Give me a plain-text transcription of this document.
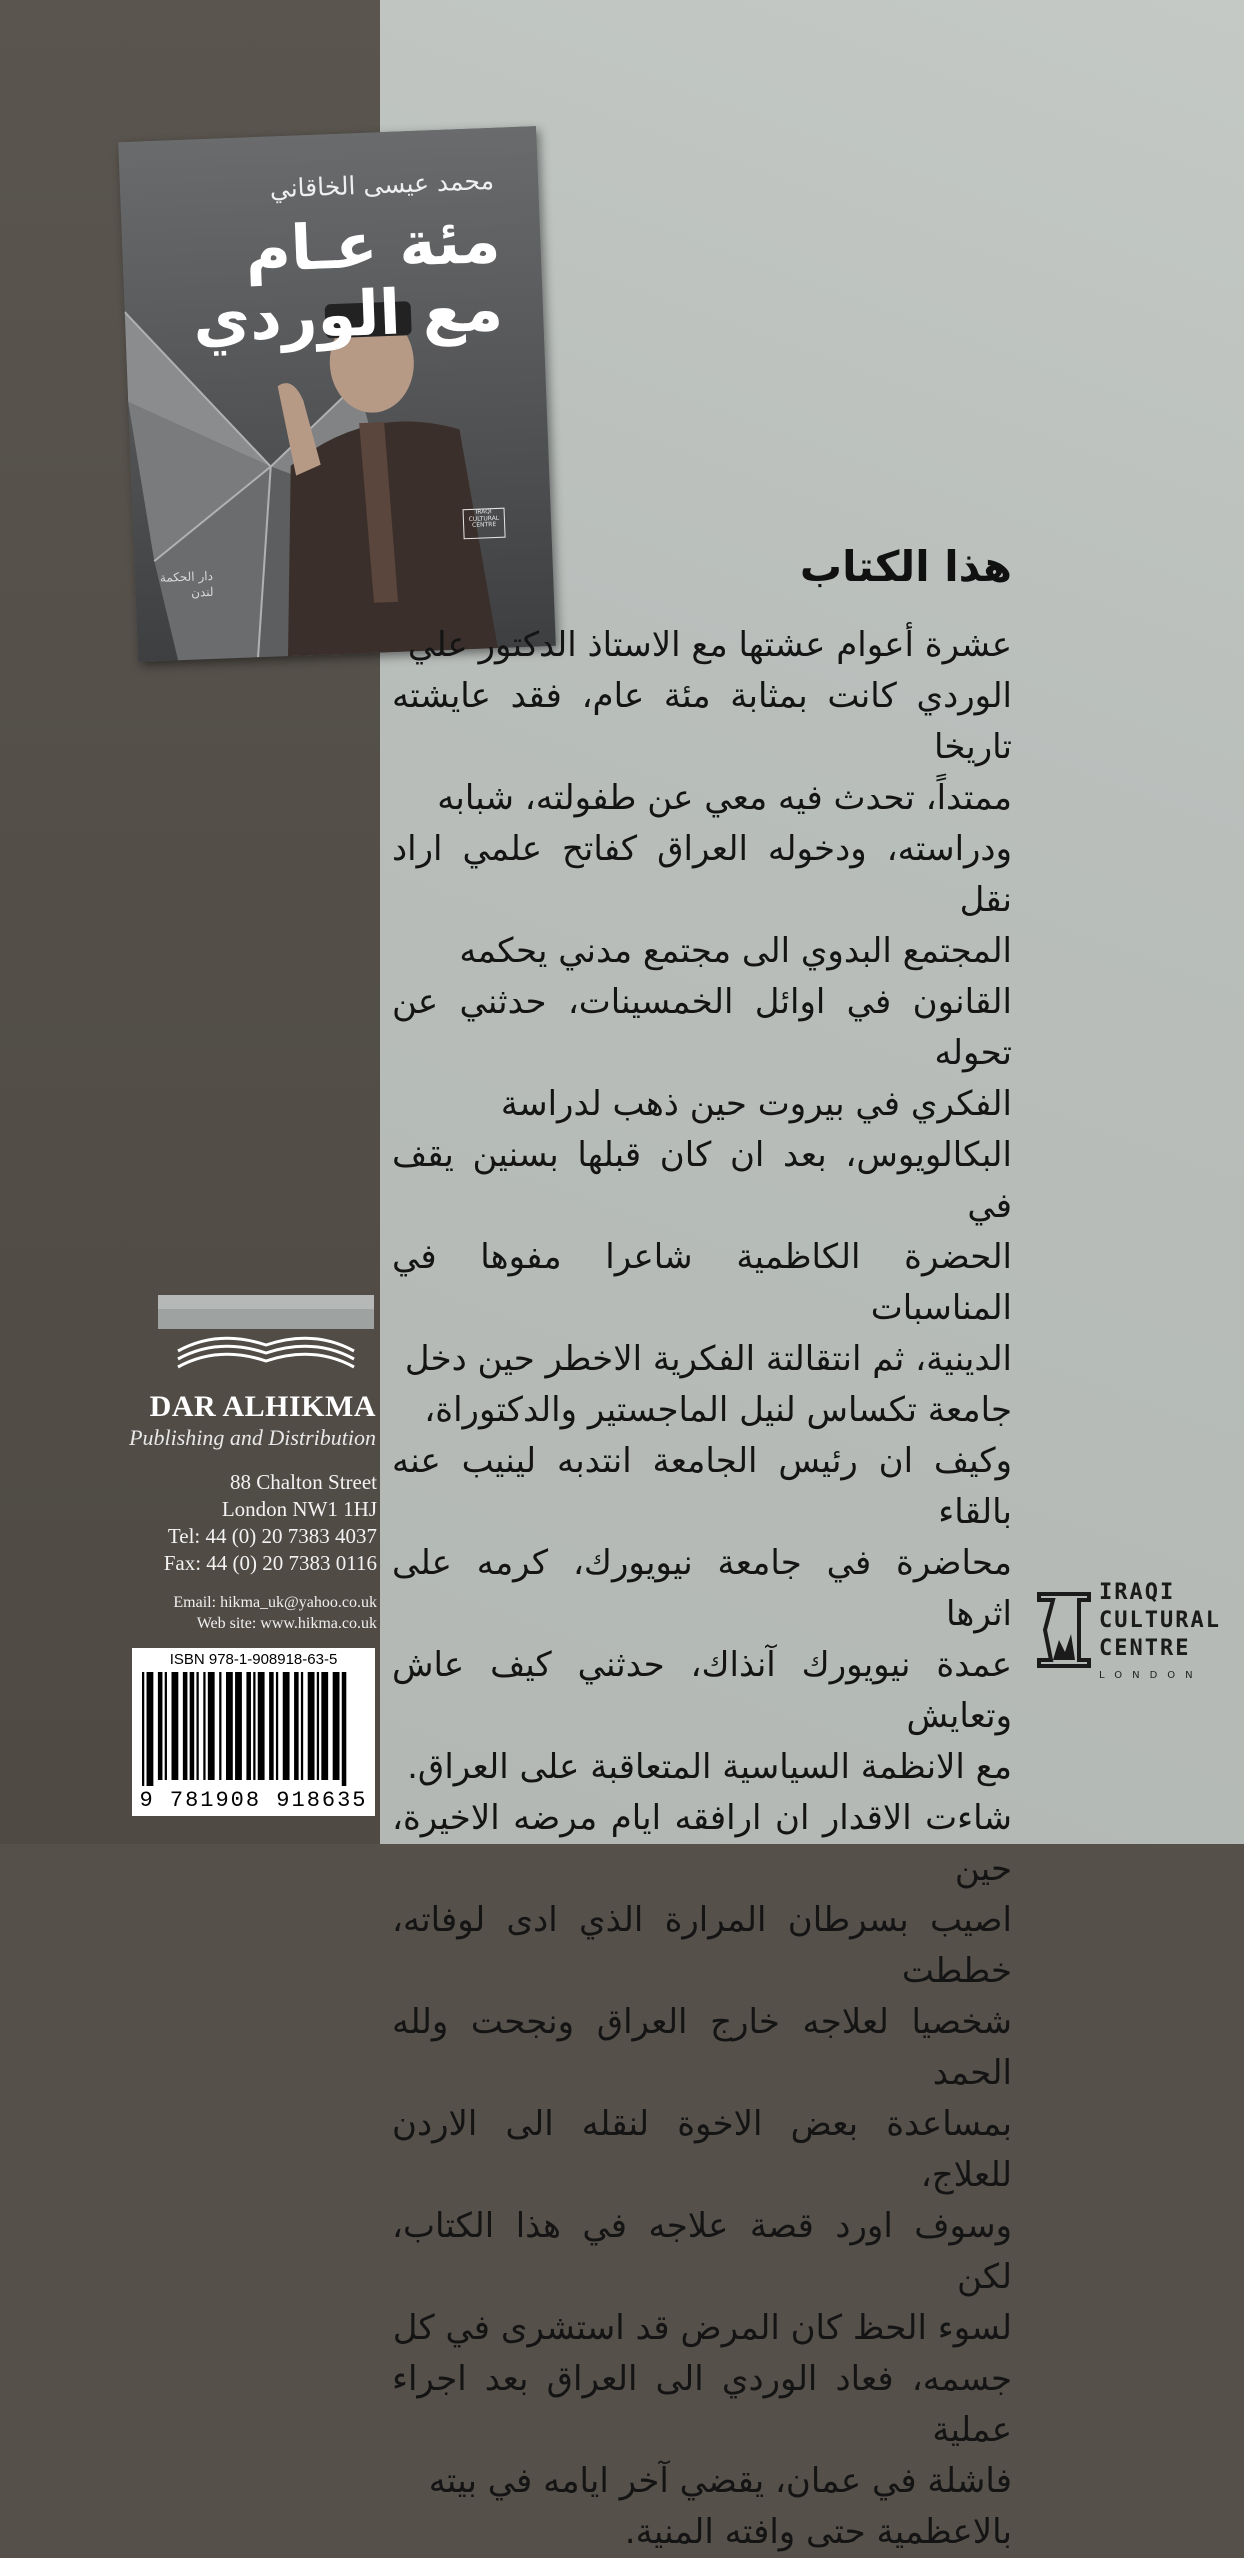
محمد عيسى الخاقاني
مئة عـام
مع الوردي
دار الحكمة لندن
IRAQI CULTURAL CENTRE
هذا الكتاب

عشرة أعوام عشتها مع الاستاذ الدكتور علي

الوردي كانت بمثابة مئة عام، فقد عايشته تاريخا

ممتداً، تحدث فيه معي عن طفولته، شبابه

ودراسته، ودخوله العراق كفاتح علمي اراد نقل

المجتمع البدوي الى مجتمع مدني يحكمه

القانون في اوائل الخمسينات، حدثني عن تحوله

الفكري في بيروت حين ذهب لدراسة

البكالويوس، بعد ان كان قبلها بسنين يقف في

الحضرة الكاظمية شاعرا مفوها في المناسبات

الدينية، ثم انتقالتة الفكرية الاخطر حين دخل

جامعة تكساس لنيل الماجستير والدكتوراة،

وكيف ان رئيس الجامعة انتدبه لينيب عنه بالقاء

محاضرة في جامعة نيويورك، كرمه على اثرها

عمدة نيويورك آنذاك، حدثني كيف عاش وتعايش

مع الانظمة السياسية المتعاقبة على العراق.

شاءت الاقدار ان ارافقه ايام مرضه الاخيرة، حين

اصيب بسرطان المرارة الذي ادى لوفاته، خططت

شخصيا لعلاجه خارج العراق ونجحت ولله الحمد

بمساعدة بعض الاخوة لنقله الى الاردن للعلاج،

وسوف اورد قصة علاجه في هذا الكتاب، لكن

لسوء الحظ كان المرض قد استشرى في كل

جسمه، فعاد الوردي الى العراق بعد اجراء عملية

فاشلة في عمان، يقضي آخر ايامه في بيته

بالاعظمية حتى وافته المنية.

DAR ALHIKMA
Publishing and Distribution
88 Chalton Street
London NW1 1HJ
Tel: 44 (0) 20 7383 4037
Fax: 44 (0) 20 7383 0116
Email: hikma_uk@yahoo.co.uk
Web site: www.hikma.co.uk
ISBN 978-1-908918-63-5
9 781908 918635
IRAQI
CULTURAL
CENTRE
LONDON
